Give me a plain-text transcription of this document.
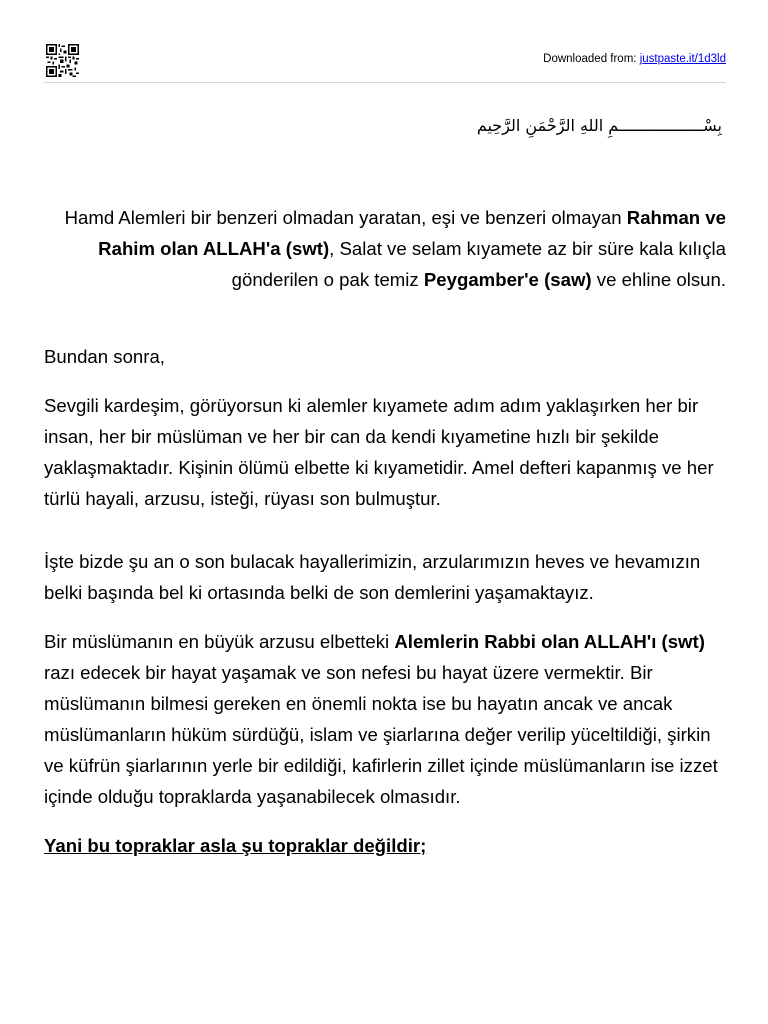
Downloaded from: justpaste.it/1d3ld
بِسْــــــــــــــــــمِ اللهِ الرَّحْمَنِ الرَّحِيم

Hamd Alemleri bir benzeri olmadan yaratan, eşi ve benzeri olmayan Rahman ve Rahim olan ALLAH'a (swt), Salat ve selam kıyamete az bir süre kala kılıçla gönderilen o pak temiz Peygamber'e (saw) ve ehline olsun.

Bundan sonra,

Sevgili kardeşim, görüyorsun ki alemler kıyamete adım adım yaklaşırken her bir insan, her bir müslüman ve her bir can da kendi kıyametine hızlı bir şekilde yaklaşmaktadır. Kişinin ölümü elbette ki kıyametidir. Amel defteri kapanmış ve her türlü hayali, arzusu, isteği, rüyası son bulmuştur.

İşte bizde şu an o son bulacak hayallerimizin, arzularımızın heves ve hevamızın belki başında bel ki ortasında belki de son demlerini yaşamaktayız.

Bir müslümanın en büyük arzusu elbetteki Alemlerin Rabbi olan ALLAH'ı (swt) razı edecek bir hayat yaşamak ve son nefesi bu hayat üzere vermektir. Bir müslümanın bilmesi gereken en önemli nokta ise bu hayatın ancak ve ancak müslümanların hüküm sürdüğü, islam ve şiarlarına değer verilip yüceltildiği, şirkin ve küfrün şiarlarının yerle bir edildiği, kafirlerin zillet içinde müslümanların ise izzet içinde olduğu topraklarda yaşanabilecek olmasıdır.

Yani bu topraklar asla şu topraklar değildir;
